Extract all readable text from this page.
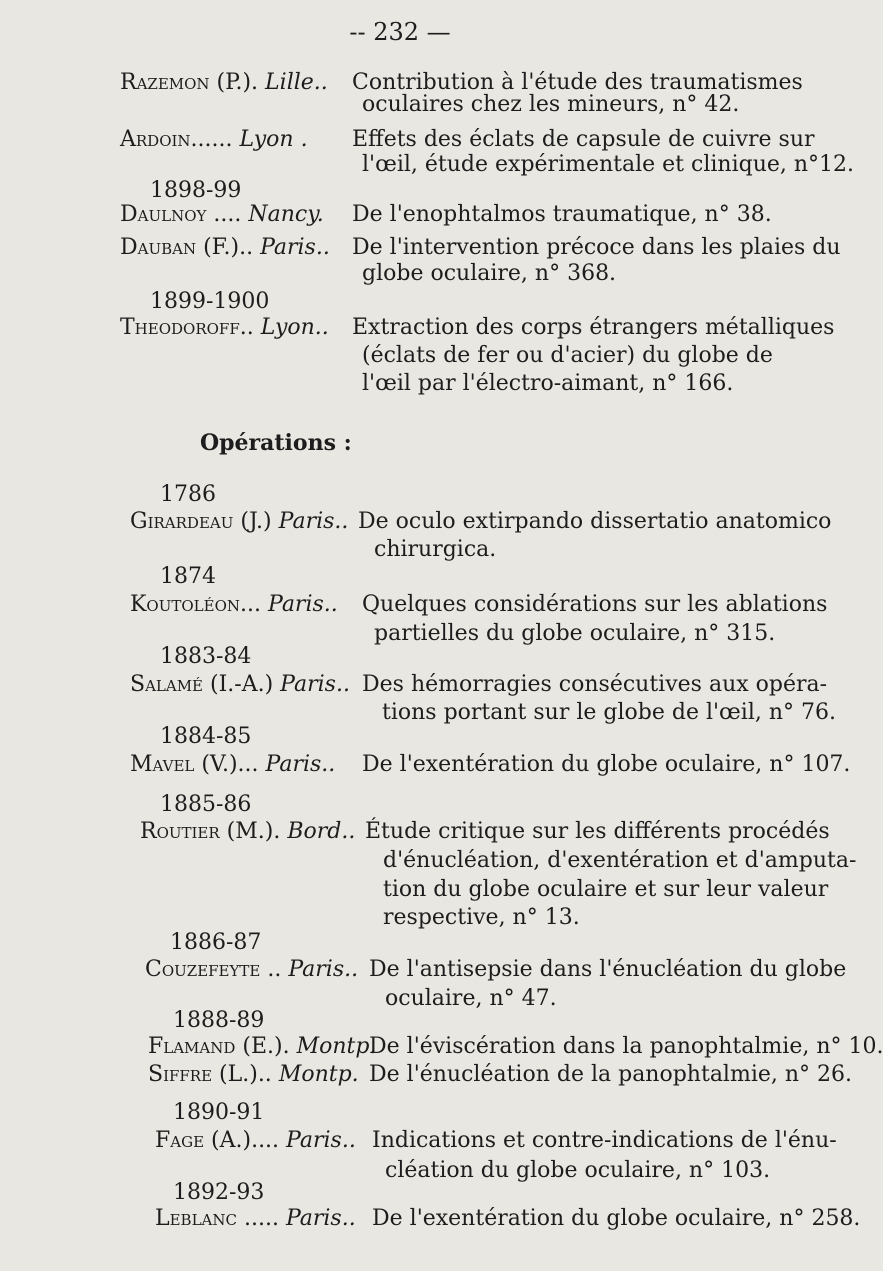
-- 232 —
Razemon (P.). Lille.. Contribution à l'étude des traumatismes
oculaires chez les mineurs, n° 42.
Ardoin...... Lyon . Effets des éclats de capsule de cuivre sur
l'œil, étude expérimentale et clinique, n°12.
1898-99
Daulnoy .... Nancy. De l'enophtalmos traumatique, n° 38.
Dauban (F.).. Paris.. De l'intervention précoce dans les plaies du
globe oculaire, n° 368.
1899-1900
Theodoroff.. Lyon.. Extraction des corps étrangers métalliques
(éclats de fer ou d'acier) du globe de
l'œil par l'électro-aimant, n° 166.
Opérations :
1786
Girardeau (J.) Paris.. De oculo extirpando dissertatio anatomico
chirurgica.
1874
Koutoléon... Paris.. Quelques considérations sur les ablations
partielles du globe oculaire, n° 315.
1883-84
Salamé (I.-A.) Paris.. Des hémorragies consécutives aux opéra-
tions portant sur le globe de l'œil, n° 76.
1884-85
Mavel (V.)... Paris.. De l'exentération du globe oculaire, n° 107.
1885-86
Routier (M.). Bord.. Étude critique sur les différents procédés
d'énucléation, d'exentération et d'amputa-
tion du globe oculaire et sur leur valeur
respective, n° 13.
1886-87
Couzefeyte .. Paris.. De l'antisepsie dans l'énucléation du globe
oculaire, n° 47.
1888-89
Flamand (E.). Montp.
De l'éviscération dans la panophtalmie, n° 10.
Siffre (L.).. Montp. De l'énucléation de la panophtalmie, n° 26.
1890-91
Fage (A.).... Paris.. Indications et contre-indications de l'énu-
cléation du globe oculaire, n° 103.
1892-93
Leblanc ..... Paris.. De l'exentération du globe oculaire, n° 258.
